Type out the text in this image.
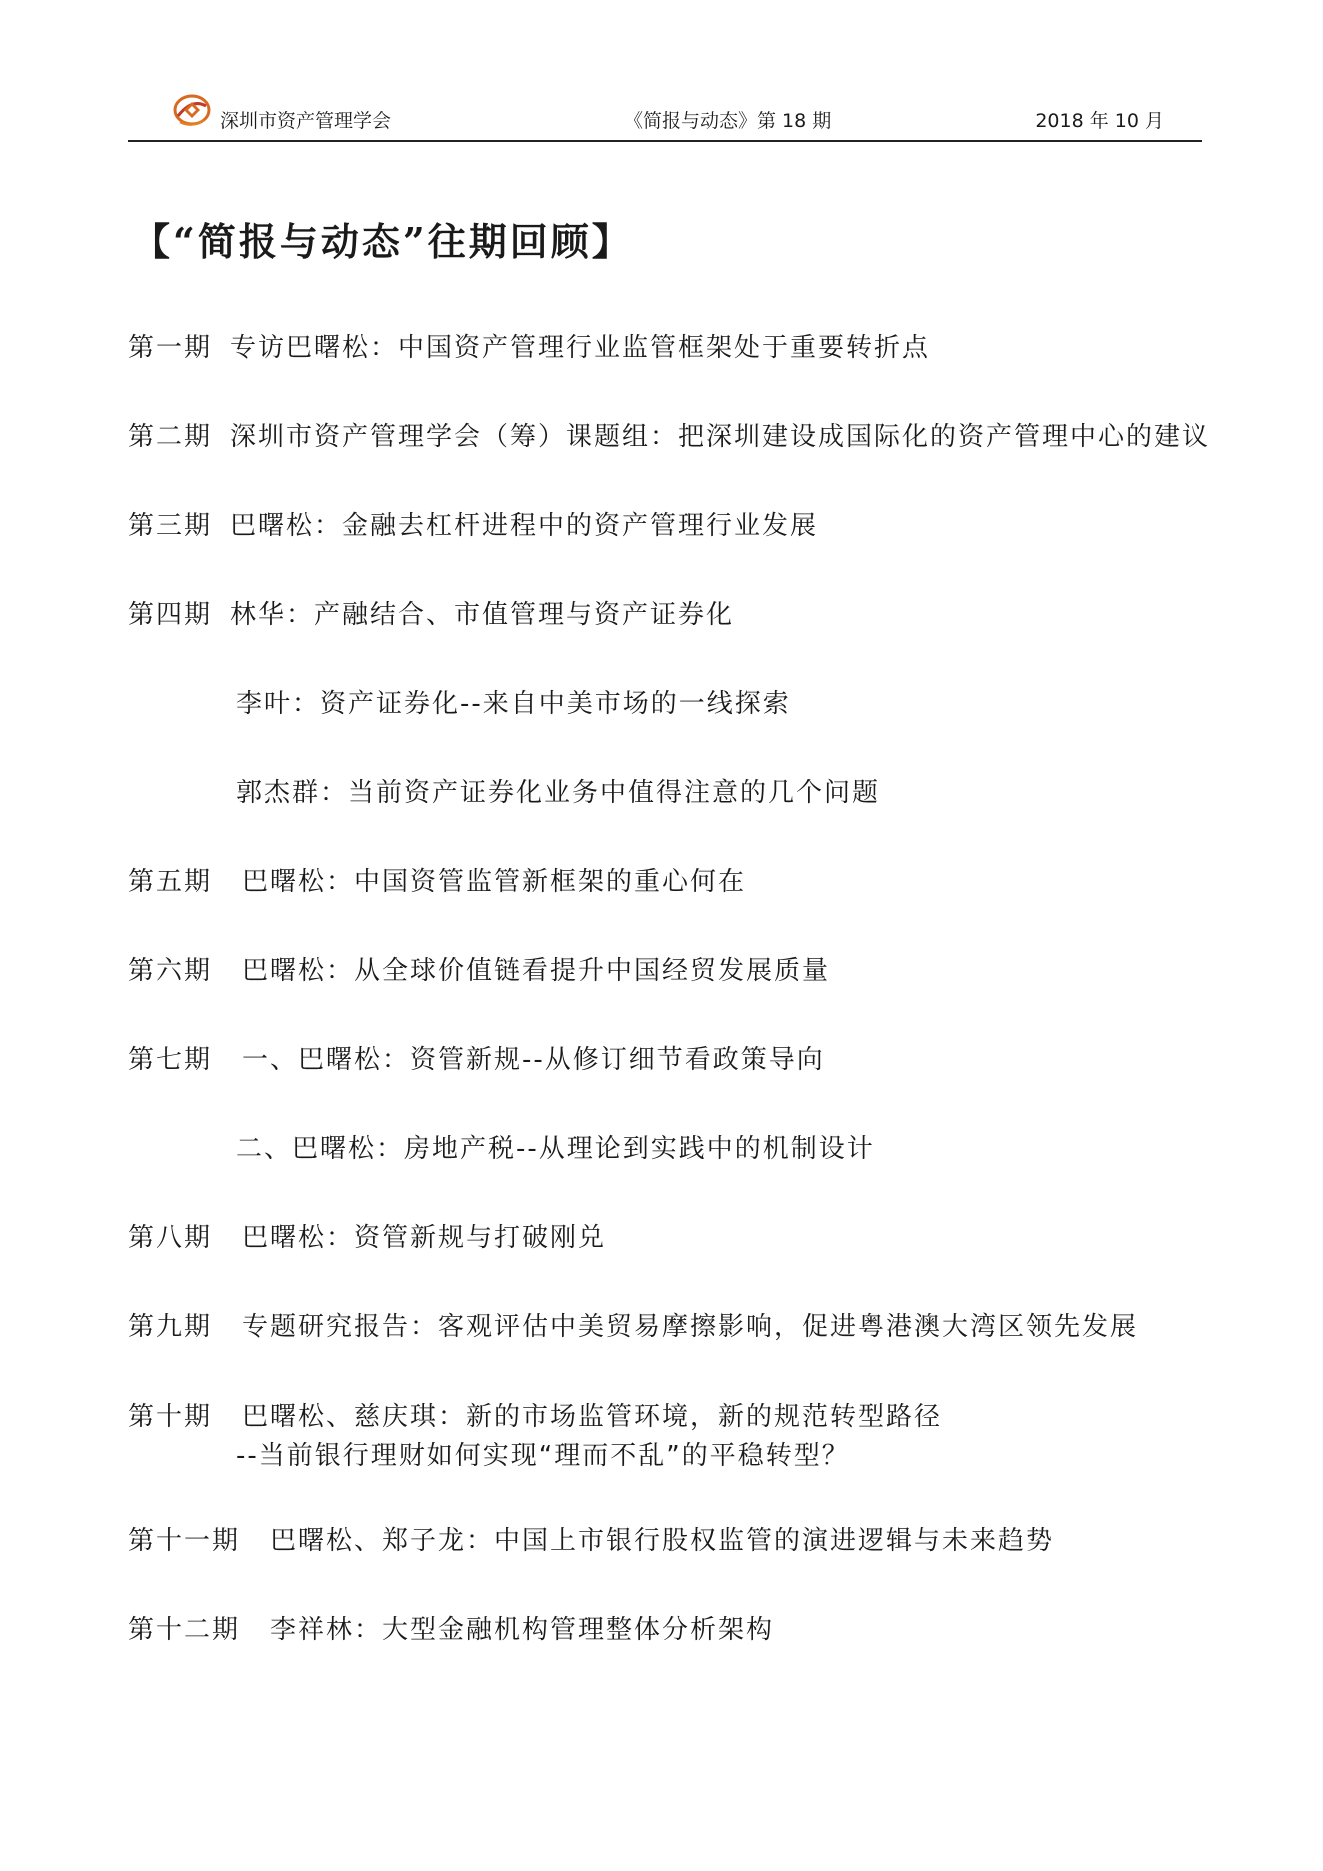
深圳市资产管理学会	《简报与动态》第 18 期	2018 年 10 月
【“简报与动态”往期回顾】
第一期 专访巴曙松：中国资产管理行业监管框架处于重要转折点
第二期 深圳市资产管理学会（筹）课题组：把深圳建设成国际化的资产管理中心的建议
第三期 巴曙松：金融去杠杆进程中的资产管理行业发展
第四期 林华：产融结合、市值管理与资产证券化
李叶：资产证券化--来自中美市场的一线探索
郭杰群：当前资产证券化业务中值得注意的几个问题
第五期 巴曙松：中国资管监管新框架的重心何在
第六期 巴曙松：从全球价值链看提升中国经贸发展质量
第七期 一、巴曙松：资管新规--从修订细节看政策导向
二、巴曙松：房地产税--从理论到实践中的机制设计
第八期 巴曙松：资管新规与打破刚兑
第九期 专题研究报告：客观评估中美贸易摩擦影响，促进粤港澳大湾区领先发展
第十期 巴曙松、慈庆琪：新的市场监管环境，新的规范转型路径
--当前银行理财如何实现“理而不乱”的平稳转型？
第十一期 巴曙松、郑子龙：中国上市银行股权监管的演进逻辑与未来趋势
第十二期 李祥林：大型金融机构管理整体分析架构
